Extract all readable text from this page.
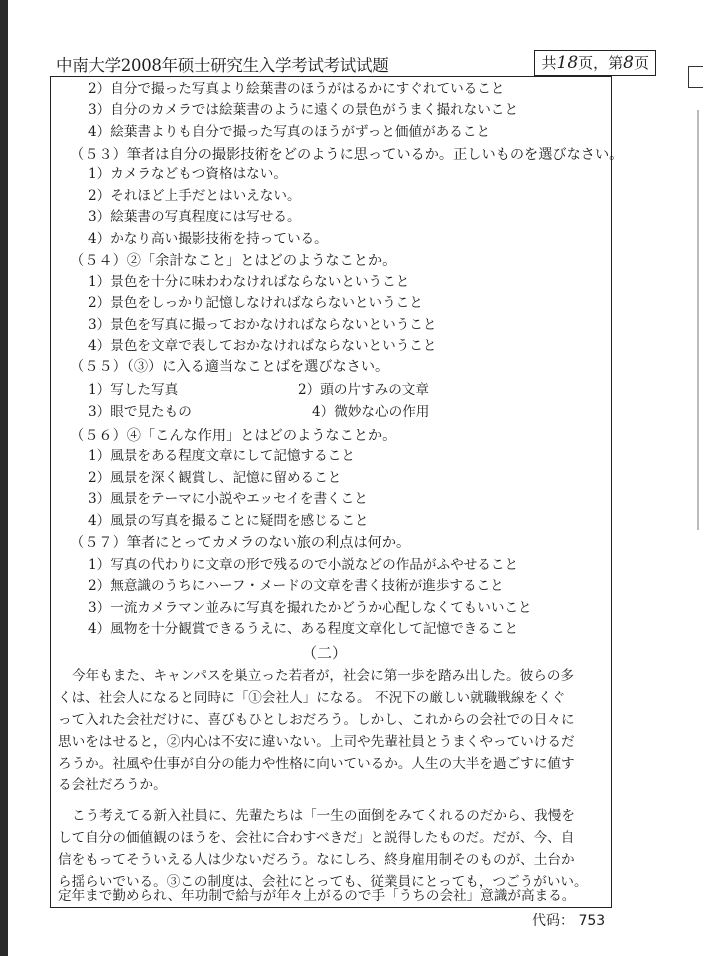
中南大学2008年硕士研究生入学考试考试试题	共18页，第8页
2）自分で撮った写真より絵葉書のほうがはるかにすぐれていること
3）自分のカメラでは絵葉書のように遠くの景色がうまく撮れないこと
4）絵葉書よりも自分で撮った写真のほうがずっと価値があること
（５３）筆者は自分の撮影技術をどのように思っているか。正しいものを選びなさい。
1）カメラなどもつ資格はない。
2）それほど上手だとはいえない。
3）絵葉書の写真程度には写せる。
4）かなり高い撮影技術を持っている。
（５４）②「余計なこと」とはどのようなことか。
1）景色を十分に味わわなければならないということ
2）景色をしっかり記憶しなければならないということ
3）景色を写真に撮っておかなければならないということ
4）景色を文章で表しておかなければならないということ
（５５）（③）に入る適当なことばを選びなさい。
1）写した写真	2）頭の片すみの文章
3）眼で見たもの	4）微妙な心の作用
（５６）④「こんな作用」とはどのようなことか。
1）風景をある程度文章にして記憶すること
2）風景を深く観賞し、記憶に留めること
3）風景をテーマに小説やエッセイを書くこと
4）風景の写真を撮ることに疑問を感じること
（５７）筆者にとってカメラのない旅の利点は何か。
1）写真の代わりに文章の形で残るので小説などの作品がふやせること
2）無意識のうちにハーフ・メードの文章を書く技術が進歩すること
3）一流カメラマン並みに写真を撮れたかどうか心配しなくてもいいこと
4）風物を十分観賞できるうえに、ある程度文章化して記憶できること
（二）
今年もまた、キャンパスを巣立った若者が，社会に第一歩を踏み出した。彼らの多
くは、社会人になると同時に「①会社人」になる。 不況下の厳しい就職戦線をくぐ
って入れた会社だけに、喜びもひとしおだろう。しかし、これからの会社での日々に
思いをはせると，②内心は不安に違いない。上司や先輩社員とうまくやっていけるだ
ろうか。社風や仕事が自分の能力や性格に向いているか。人生の大半を過ごすに値す
る会社だろうか。
こう考えてる新入社員に、先輩たちは「一生の面倒をみてくれるのだから、我慢を
して自分の価値観のほうを、会社に合わすべきだ」と説得したものだ。だが、今、自
信をもってそういえる人は少ないだろう。なにしろ、終身雇用制そのものが、土台か
ら揺らいでいる。③この制度は、会社にとっても、従業員にとっても，つごうがいい。
定年まで勤められ、年功制で給与が年々上がるので手「うちの会社」意識が高まる。
代码： 753
